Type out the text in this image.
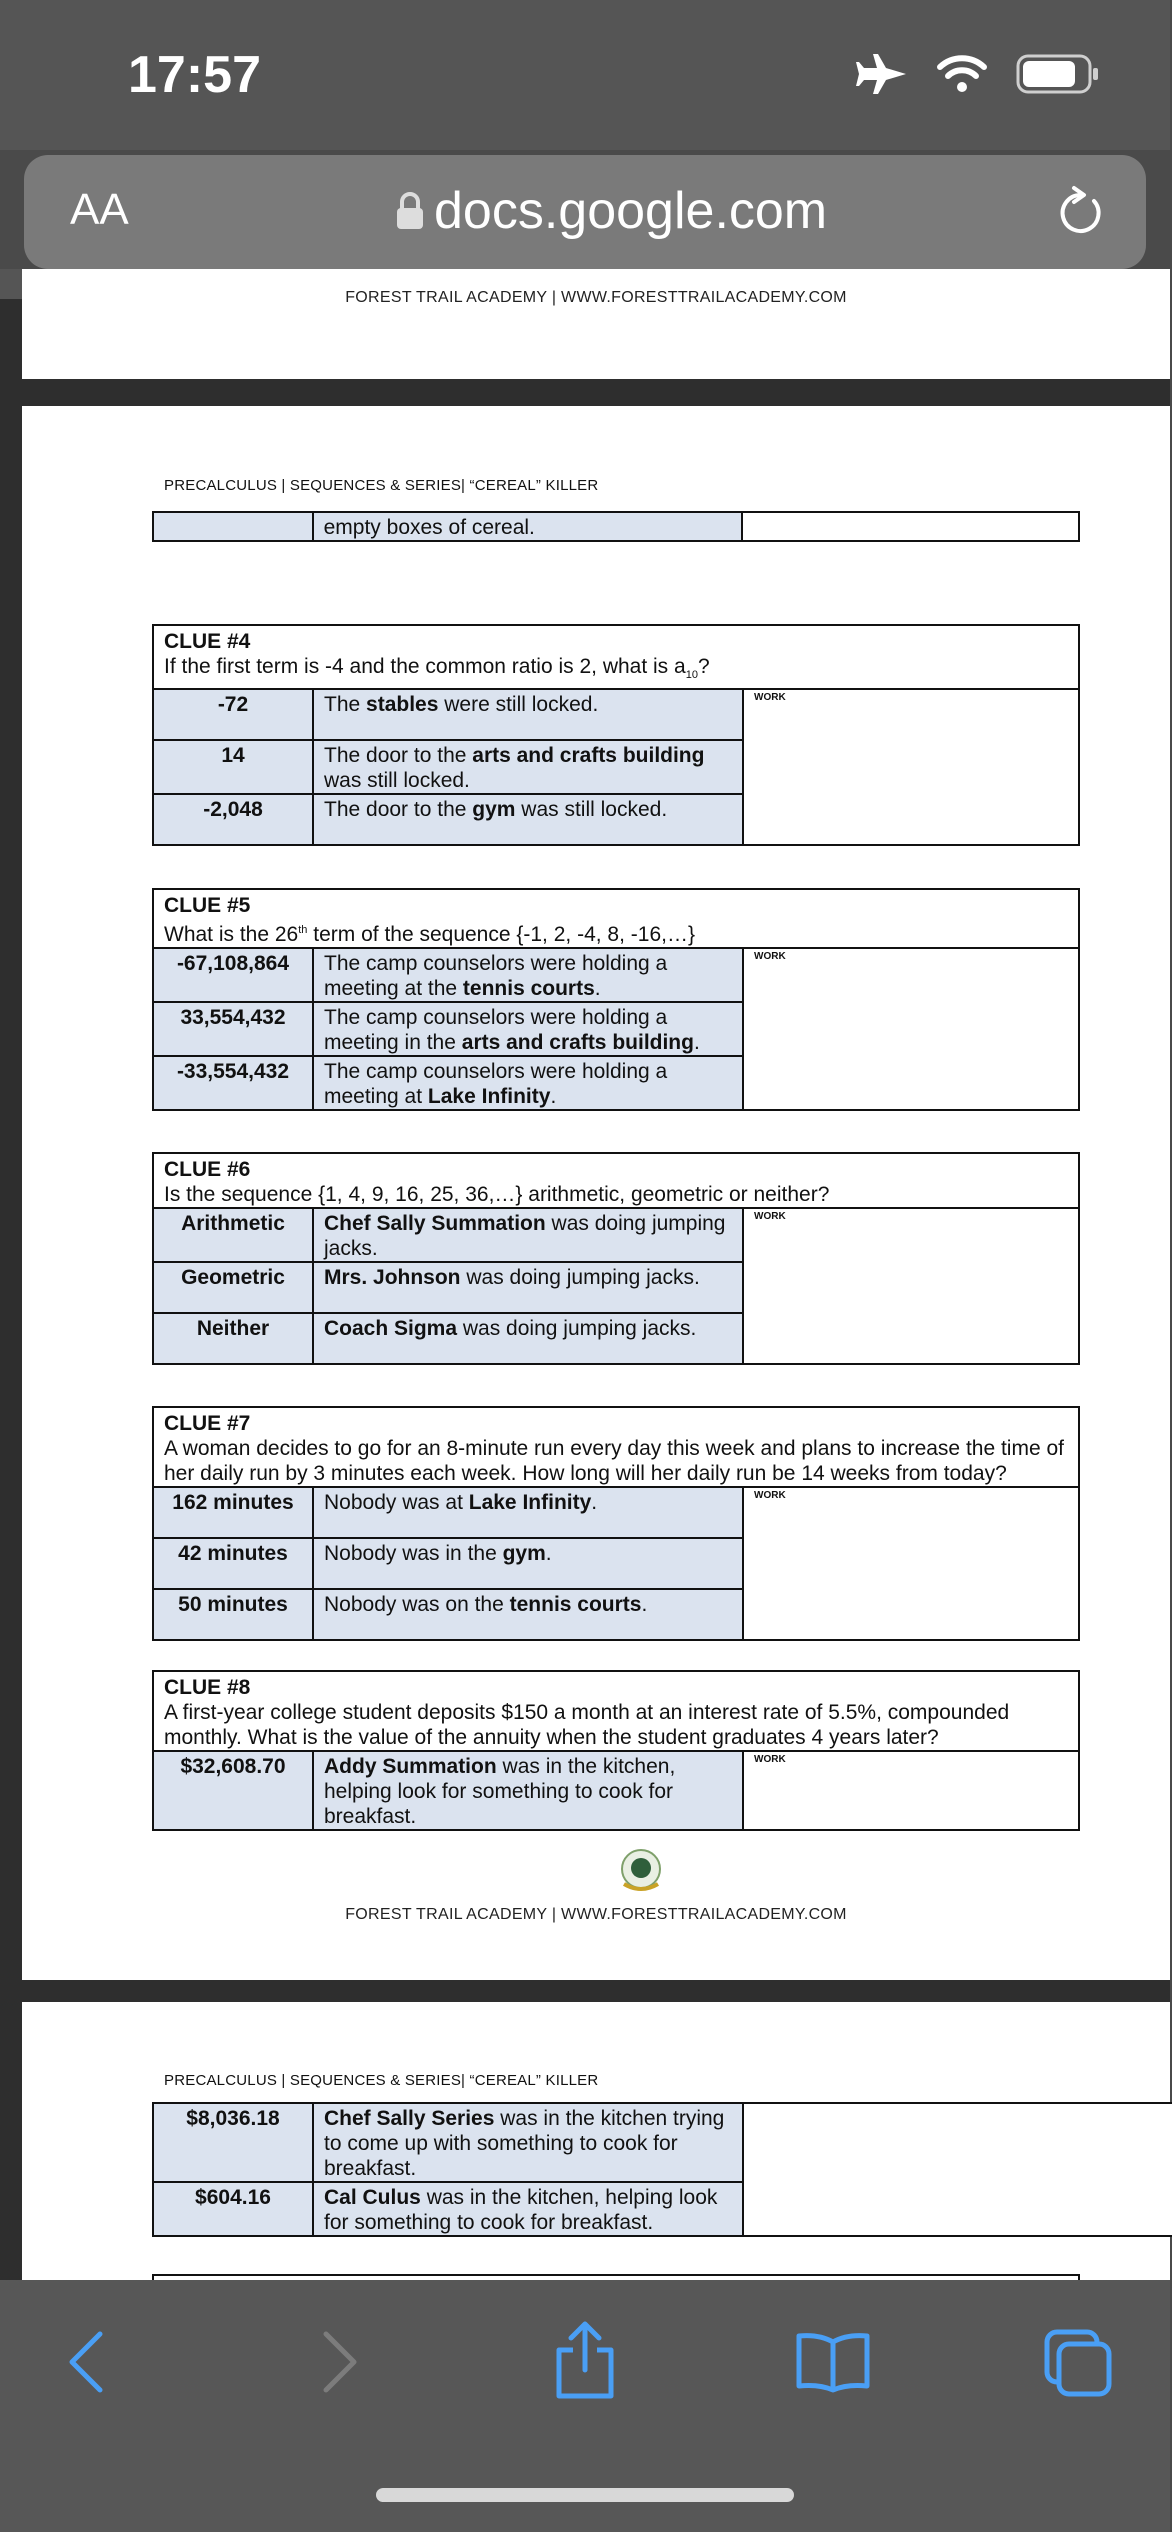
17:57
AA	docs.google.com
FOREST TRAIL ACADEMY | WWW.FORESTTRAILACADEMY.COM
PRECALCULUS | SEQUENCES & SERIES| “CEREAL” KILLER
	empty boxes of cereal.	
CLUE #4
If the first term is -4 and the common ratio is 2, what is $a_{10}$?		
-72	The stables were still locked.	WORK
14	The door to the arts and crafts building was still locked.	
-2,048	The door to the gym was still locked.	
CLUE #5
What is the 26th term of the sequence {-1, 2, -4, 8, -16,…}		
-67,108,864	The camp counselors were holding a meeting at the tennis courts.	WORK
33,554,432	The camp counselors were holding a meeting in the arts and crafts building.	
-33,554,432	The camp counselors were holding a meeting at Lake Infinity.	
CLUE #6
Is the sequence {1, 4, 9, 16, 25, 36,…} arithmetic, geometric or neither?		
Arithmetic	Chef Sally Summation was doing jumping jacks.	WORK
Geometric	Mrs. Johnson was doing jumping jacks.	
Neither	Coach Sigma was doing jumping jacks.	
CLUE #7
A woman decides to go for an 8-minute run every day this week and plans to increase the time of her daily run by 3 minutes each week. How long will her daily run be 14 weeks from today?		
162 minutes	Nobody was at Lake Infinity.	WORK
42 minutes	Nobody was in the gym.	
50 minutes	Nobody was on the tennis courts.	
CLUE #8
A first-year college student deposits $150 a month at an interest rate of 5.5%, compounded monthly. What is the value of the annuity when the student graduates 4 years later?
$32,608.70	Addy Summation was in the kitchen, helping look for something to cook for breakfast.	WORK
FOREST TRAIL ACADEMY | WWW.FORESTTRAILACADEMY.COM
PRECALCULUS | SEQUENCES & SERIES| “CEREAL” KILLER
$8,036.18	Chef Sally Series was in the kitchen trying to come up with something to cook for breakfast.	
$604.16	Cal Culus was in the kitchen, helping look for something to cook for breakfast.	
